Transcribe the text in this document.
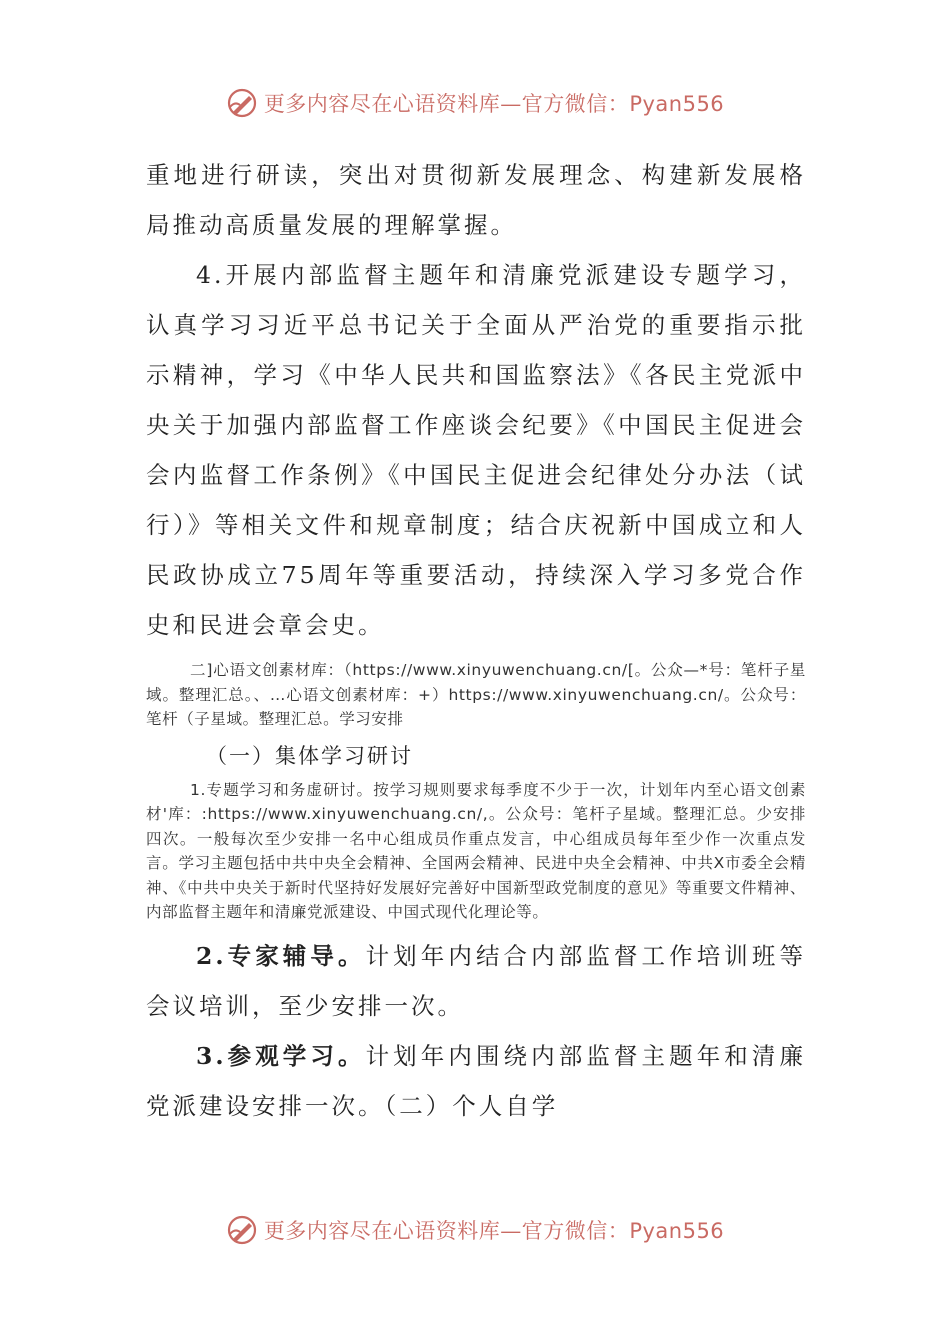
更多内容尽在心语资料库—官方微信：Pyan556

重地进行研读，突出对贯彻新发展理念、构建新发展格局推动高质量发展的理解掌握。

4.开展内部监督主题年和清廉党派建设专题学习，认真学习习近平总书记关于全面从严治党的重要指示批示精神，学习《中华人民共和国监察法》《各民主党派中央关于加强内部监督工作座谈会纪要》《中国民主促进会会内监督工作条例》《中国民主促进会纪律处分办法（试行）》等相关文件和规章制度；结合庆祝新中国成立和人民政协成立75周年等重要活动，持续深入学习多党合作史和民进会章会史。

二]心语文创素材库：（https://www.xinyuwenchuang.cn/[。公众—*号：笔杆子星域。整理汇总。、…心语文创素材库：+）https://www.xinyuwenchuang.cn/。公众号：笔杆（子星域。整理汇总。学习安排

（一）集体学习研讨

1.专题学习和务虚研讨。按学习规则要求每季度不少于一次，计划年内至心语文创素材'库：:https://www.xinyuwenchuang.cn/,。公众号：笔杆子星域。整理汇总。少安排四次。一般每次至少安排一名中心组成员作重点发言，中心组成员每年至少作一次重点发言。学习主题包括中共中央全会精神、全国两会精神、民进中央全会精神、中共X市委全会精神、《中共中央关于新时代坚持好发展好完善好中国新型政党制度的意见》等重要文件精神、内部监督主题年和清廉党派建设、中国式现代化理论等。

2.专家辅导。计划年内结合内部监督工作培训班等会议培训，至少安排一次。

3.参观学习。计划年内围绕内部监督主题年和清廉党派建设安排一次。（二）个人自学

更多内容尽在心语资料库—官方微信：Pyan556
